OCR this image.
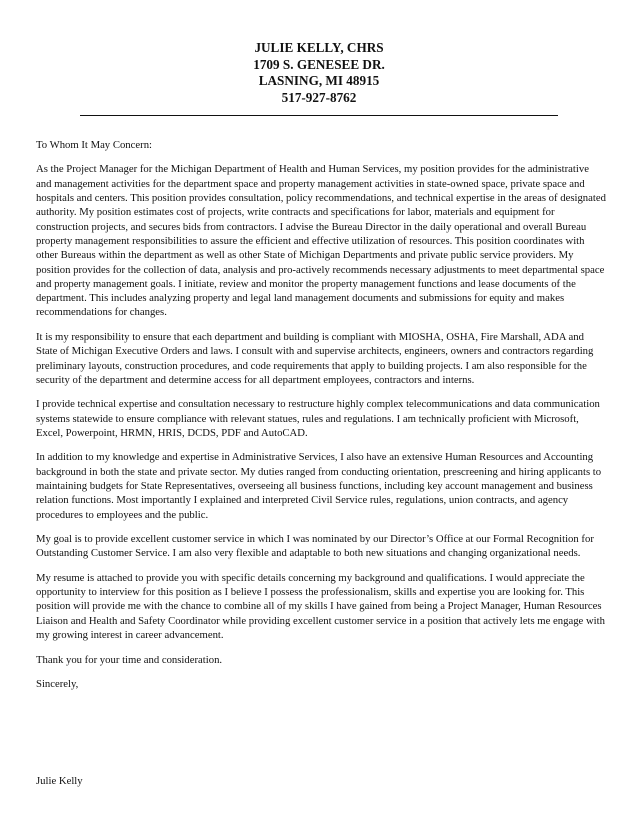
JULIE KELLY, CHRS
1709 S. GENESEE DR.
LASNING, MI 48915
517-927-8762

To Whom It May Concern:

As the Project Manager for the Michigan Department of Health and Human Services, my position provides for the administrative and management activities for the department space and property management activities in state-owned space, private space and hospitals and centers. This position provides consultation, policy recommendations, and technical expertise in the areas of designated authority. My position estimates cost of projects, write contracts and specifications for labor, materials and equipment for construction projects, and secures bids from contractors. I advise the Bureau Director in the daily operational and overall Bureau property management responsibilities to assure the efficient and effective utilization of resources. This position coordinates with other Bureaus within the department as well as other State of Michigan Departments and private public service providers. My position provides for the collection of data, analysis and pro-actively recommends necessary adjustments to meet departmental space and property management goals. I initiate, review and monitor the property management functions and lease documents of the department. This includes analyzing property and legal land management documents and submissions for equity and makes recommendations for changes.

It is my responsibility to ensure that each department and building is compliant with MIOSHA, OSHA, Fire Marshall, ADA and State of Michigan Executive Orders and laws. I consult with and supervise architects, engineers, owners and contractors regarding preliminary layouts, construction procedures, and code requirements that apply to building projects. I am also responsible for the security of the department and determine access for all department employees, contractors and interns.

I provide technical expertise and consultation necessary to restructure highly complex telecommunications and data communication systems statewide to ensure compliance with relevant statues, rules and regulations. I am technically proficient with Microsoft, Excel, Powerpoint, HRMN, HRIS, DCDS, PDF and AutoCAD.

In addition to my knowledge and expertise in Administrative Services, I also have an extensive Human Resources and Accounting background in both the state and private sector. My duties ranged from conducting orientation, prescreening and hiring applicants to maintaining budgets for State Representatives, overseeing all business functions, including key account management and business relation functions. Most importantly I explained and interpreted Civil Service rules, regulations, union contracts, and agency procedures to employees and the public.

My goal is to provide excellent customer service in which I was nominated by our Director’s Office at our Formal Recognition for Outstanding Customer Service. I am also very flexible and adaptable to both new situations and changing organizational needs.

My resume is attached to provide you with specific details concerning my background and qualifications. I would appreciate the opportunity to interview for this position as I believe I possess the professionalism, skills and expertise you are looking for. This position will provide me with the chance to combine all of my skills I have gained from being a Project Manager, Human Resources Liaison and Health and Safety Coordinator while providing excellent customer service in a position that actively lets me engage with my growing interest in career advancement.

Thank you for your time and consideration.

Sincerely,

Julie Kelly
